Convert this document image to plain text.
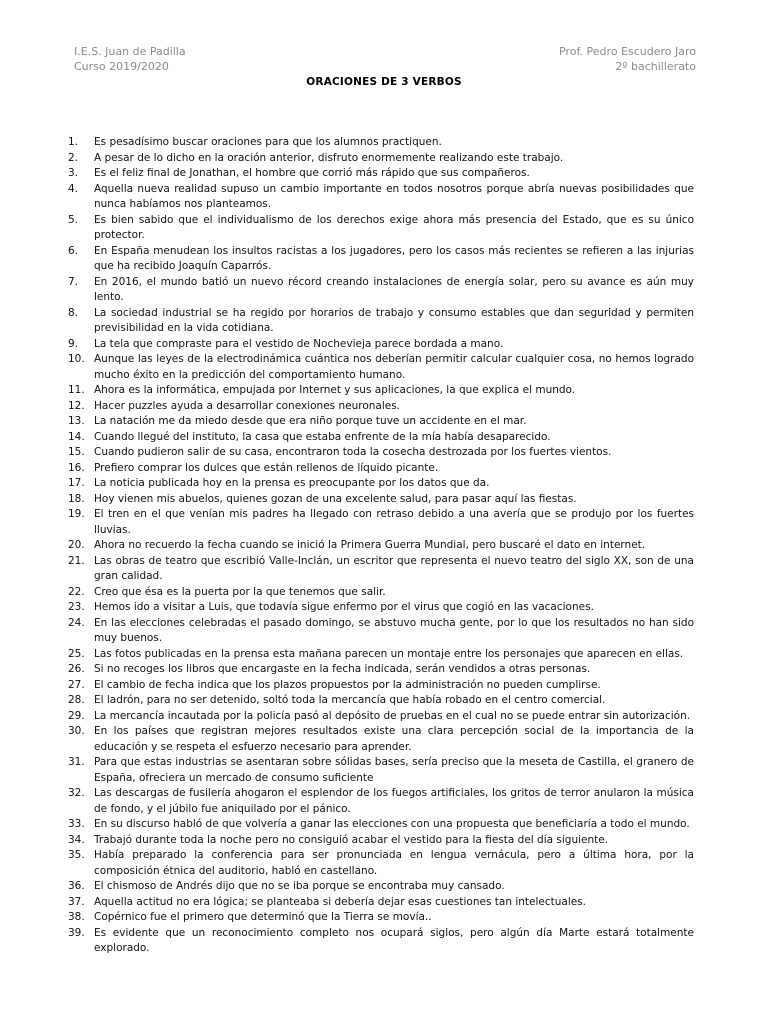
I.E.S. Juan de Padilla
Curso 2019/2020
Prof. Pedro Escudero Jaro
2º bachillerato
ORACIONES DE 3 VERBOS
1.	Es pesadísimo buscar oraciones para que los alumnos practiquen.
2.	A pesar de lo dicho en la oración anterior, disfruto enormemente realizando este trabajo.
3.	Es el feliz final de Jonathan, el hombre que corrió más rápido que sus compañeros.
4.	Aquella nueva realidad supuso un cambio importante en todos nosotros porque abría nuevas posibilidades que nunca habíamos nos planteamos.
5.	Es bien sabido que el individualismo de los derechos exige ahora más presencia del Estado, que es su único protector.
6.	En España menudean los insultos racistas a los jugadores, pero los casos más recientes se refieren a las injurias que ha recibido Joaquín Caparrós.
7.	En 2016, el mundo batió un nuevo récord creando instalaciones de energía solar, pero su avance es aún muy lento.
8.	La sociedad industrial se ha regido por horarios de trabajo y consumo estables que dan seguridad y permiten previsibilidad en la vida cotidiana.
9.	La tela que compraste para el vestido de Nochevieja parece bordada a mano.
10. Aunque las leyes de la electrodinámica cuántica nos deberían permitir calcular cualquier cosa, no hemos logrado mucho éxito en la predicción del comportamiento humano.
11. Ahora es la informática, empujada por Internet y sus aplicaciones, la que explica el mundo.
12. Hacer puzzles ayuda a desarrollar conexiones neuronales.
13. La natación me da miedo desde que era niño porque tuve un accidente en el mar.
14. Cuando llegué del instituto, la casa que estaba enfrente de la mía había desaparecido.
15. Cuando pudieron salir de su casa, encontraron toda la cosecha destrozada por los fuertes vientos.
16. Prefiero comprar los dulces que están rellenos de líquido picante.
17. La noticia publicada hoy en la prensa es preocupante por los datos que da.
18. Hoy vienen mis abuelos, quienes gozan de una excelente salud, para pasar aquí las fiestas.
19. El tren en el que venían mis padres ha llegado con retraso debido a una avería que se produjo por los fuertes lluvias.
20. Ahora no recuerdo la fecha cuando se inició la Primera Guerra Mundial, pero buscaré el dato en internet.
21. Las obras de teatro que escribió Valle-Inclán, un escritor que representa el nuevo teatro del siglo XX, son de una gran calidad.
22. Creo que ésa es la puerta por la que tenemos que salir.
23. Hemos ido a visitar a Luis, que todavía sigue enfermo por el virus que cogió en las vacaciones.
24. En las elecciones celebradas el pasado domingo, se abstuvo mucha gente, por lo que los resultados no han sido muy buenos.
25. Las fotos publicadas en la prensa esta mañana parecen un montaje entre los personajes que aparecen en ellas.
26. Si no recoges los libros que encargaste en la fecha indicada, serán vendidos a otras personas.
27. El cambio de fecha indica que los plazos propuestos por la administración no pueden cumplirse.
28. El ladrón, para no ser detenido, soltó toda la mercancía que había robado en el centro comercial.
29. La mercancía incautada por la policía pasó al depósito de pruebas en el cual no se puede entrar sin autorización.
30. En los países que registran mejores resultados existe una clara percepción social de la importancia de la educación y se respeta el esfuerzo necesario para aprender.
31. Para que estas industrias se asentaran sobre sólidas bases, sería preciso que la meseta de Castilla, el granero de España, ofreciera un mercado de consumo suficiente
32. Las descargas de fusilería ahogaron el esplendor de los fuegos artificiales, los gritos de terror anularon la música de fondo, y el júbilo fue aniquilado por el pánico.
33. En su discurso habló de que volvería a ganar las elecciones con una propuesta que beneficiaría a todo el mundo.
34. Trabajó durante toda la noche pero no consiguió acabar el vestido para la fiesta del día siguiente.
35. Había preparado la conferencia para ser pronunciada en lengua vernácula, pero a última hora, por la composición étnica del auditorio, habló en castellano.
36. El chismoso de Andrés dijo que no se iba porque se encontraba muy cansado.
37. Aquella actitud no era lógica; se planteaba si debería dejar esas cuestiones tan intelectuales.
38. Copérnico fue el primero que determinó que la Tierra se movía..
39. Es evidente que un reconocimiento completo nos ocupará siglos, pero algún día Marte estará totalmente explorado.
